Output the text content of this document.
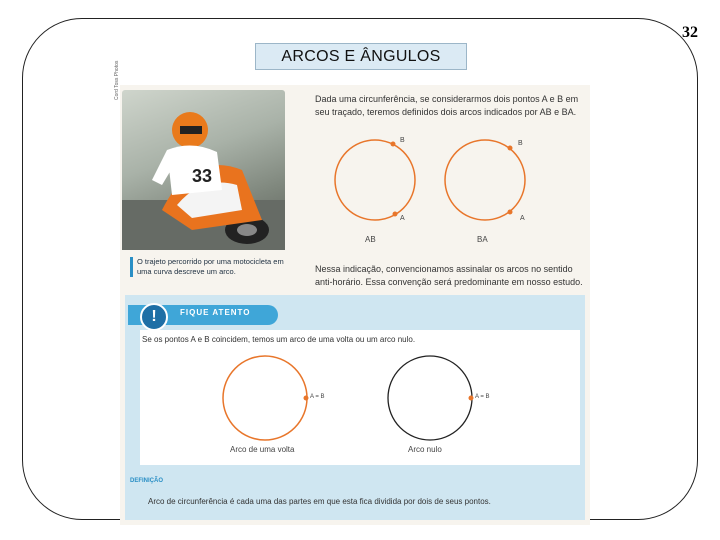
32
ARCOS E ÂNGULOS
33
Cord Toss Photos
O trajeto percorrido por uma motocicleta em uma curva descreve um arco.
Dada uma circunferência, se considerarmos dois pontos A e B em seu traçado, teremos definidos dois arcos indicados por AB e BA.
B
A
AB
B
A
BA
Nessa indicação, convencionamos assinalar os arcos no sentido anti-horário. Essa convenção será predominante em nosso estudo.
!	FIQUE ATENTO
Se os pontos A e B coincidem, temos um arco de uma volta ou um arco nulo.
A = B
Arco de uma volta
A = B
Arco nulo
DEFINIÇÃO
Arco de circunferência é cada uma das partes em que esta fica dividida por dois de seus pontos.
